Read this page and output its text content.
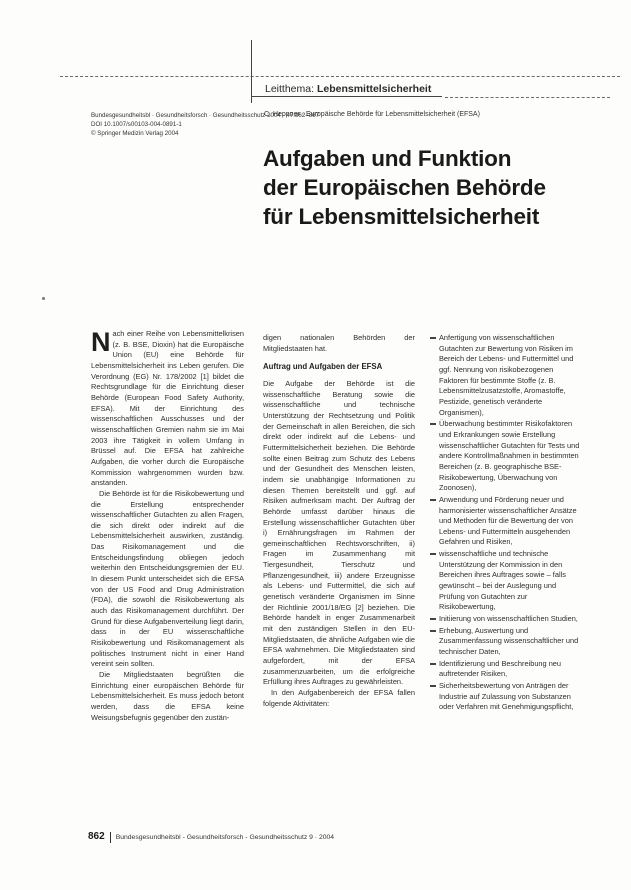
Leitthema: Lebensmittelsicherheit
Bundesgesundheitsbl · Gesundheitsforsch · Gesundheitsschutz 2004 · 47:862–867
DOI 10.1007/s00103-004-0891-1
© Springer Medizin Verlag 2004
C. Heppner · Europäische Behörde für Lebensmittelsicherheit (EFSA)
Aufgaben und Funktion
der Europäischen Behörde
für Lebensmittelsicherheit

Nach einer Reihe von Lebensmittelkrisen (z. B. BSE, Dioxin) hat die Europäische Union (EU) eine Behörde für Lebensmittelsicherheit ins Leben gerufen. Die Verordnung (EG) Nr. 178/2002 [1] bildet die Rechtsgrundlage für die Einrichtung dieser Behörde (European Food Safety Authority, EFSA). Mit der Einrichtung des wissenschaftlichen Ausschusses und der wissenschaftlichen Gremien nahm sie im Mai 2003 ihre Tätigkeit in vollem Umfang in Brüssel auf. Die EFSA hat zahlreiche Aufgaben, die vorher durch die Europäische Kommission wahrgenommen wurden bzw. anstanden.

Die Behörde ist für die Risikobewertung und die Erstellung entsprechender wissenschaftlicher Gutachten zu allen Fragen, die sich direkt oder indirekt auf die Lebensmittelsicherheit auswirken, zuständig. Das Risikomanagement und die Entscheidungsfindung obliegen jedoch weiterhin den Entscheidungsgremien der EU. In diesem Punkt unterscheidet sich die EFSA von der US Food and Drug Administration (FDA), die sowohl die Risikobewertung als auch das Risikomanagement durchführt. Der Grund für diese Aufgabenverteilung liegt darin, dass in der EU wissenschaftliche Risikobewertung und Risikomanagement als politisches Instrument nicht in einer Hand vereint sein sollten.

Die Mitgliedstaaten begrüßten die Einrichtung einer europäischen Behörde für Lebensmittelsicherheit. Es muss jedoch betont werden, dass die EFSA keine Weisungsbefugnis gegenüber den zustän-

digen nationalen Behörden der Mitgliedstaaten hat.

Auftrag und Aufgaben der EFSA

Die Aufgabe der Behörde ist die wissenschaftliche Beratung sowie die wissenschaftliche und technische Unterstützung der Rechtsetzung und Politik der Gemeinschaft in allen Bereichen, die sich direkt oder indirekt auf die Lebens- und Futtermittelsicherheit beziehen. Die Behörde sollte einen Beitrag zum Schutz des Lebens und der Gesundheit des Menschen leisten, indem sie unabhängige Informationen zu diesen Themen bereitstellt und ggf. auf Risiken aufmerksam macht. Der Auftrag der Behörde umfasst darüber hinaus die Erstellung wissenschaftlicher Gutachten über i) Ernährungsfragen im Rahmen der gemeinschaftlichen Rechtsvorschriften, ii) Fragen im Zusammenhang mit Tiergesundheit, Tierschutz und Pflanzengesundheit, iii) andere Erzeugnisse als Lebens- und Futtermittel, die sich auf genetisch veränderte Organismen im Sinne der Richtlinie 2001/18/EG [2] beziehen. Die Behörde handelt in enger Zusammenarbeit mit den zuständigen Stellen in den EU-Mitgliedstaaten, die ähnliche Aufgaben wie die EFSA wahrnehmen. Die Mitgliedstaaten sind aufgefordert, mit der EFSA zusammenzuarbeiten, um die erfolgreiche Erfüllung ihres Auftrages zu gewährleisten.

In den Aufgabenbereich der EFSA fallen folgende Aktivitäten:

Anfertigung von wissenschaftlichen Gutachten zur Bewertung von Risiken im Bereich der Lebens- und Futtermittel und ggf. Nennung von risikobezogenen Faktoren für bestimmte Stoffe (z. B. Lebensmittelzusatzstoffe, Aromastoffe, Pestizide, genetisch veränderte Organismen),
Überwachung bestimmter Risikofaktoren und Erkrankungen sowie Erstellung wissenschaftlicher Gutachten für Tests und andere Kontrollmaßnahmen in bestimmten Bereichen (z. B. geographische BSE-Risikobewertung, Überwachung von Zoonosen),
Anwendung und Förderung neuer und harmonisierter wissenschaftlicher Ansätze und Methoden für die Bewertung der von Lebens- und Futtermitteln ausgehenden Gefahren und Risiken,
wissenschaftliche und technische Unterstützung der Kommission in den Bereichen ihres Auftrages sowie – falls gewünscht – bei der Auslegung und Prüfung von Gutachten zur Risikobewertung,
Initiierung von wissenschaftlichen Studien,
Erhebung, Auswertung und Zusammenfassung wissenschaftlicher und technischer Daten,
Identifizierung und Beschreibung neu auftretender Risiken,
Sicherheitsbewertung von Anträgen der Industrie auf Zulassung von Substanzen oder Verfahren mit Genehmigungspflicht,
862 Bundesgesundheitsbl - Gesundheitsforsch - Gesundheitsschutz 9 · 2004
